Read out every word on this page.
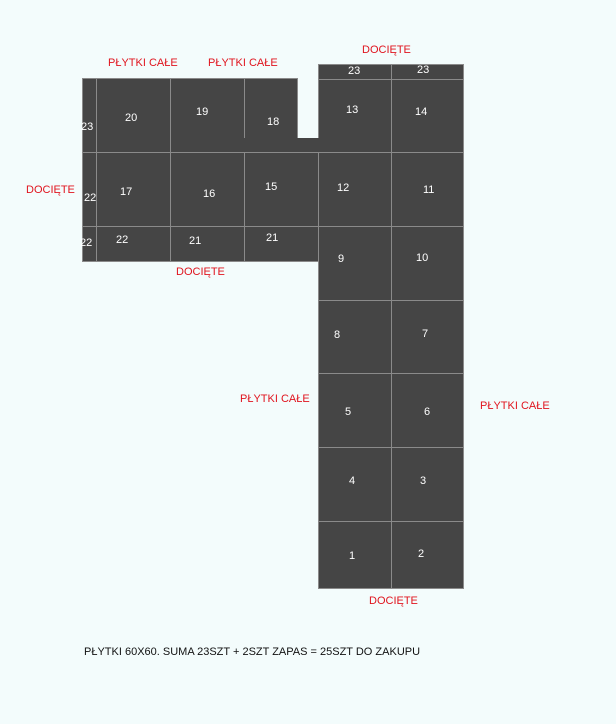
23	23
13	14
12	11
9	10
8	7
5	6
4	3
1	2
23
20	19
18
22 17	16
15
22 22	21	21
PŁYTKI CAŁE	PŁYTKI CAŁE
DOCIĘTE
DOCIĘTE
DOCIĘTE
PŁYTKI CAŁE
PŁYTKI CAŁE
DOCIĘTE
PŁYTKI 60X60. SUMA 23SZT + 2SZT ZAPAS = 25SZT DO ZAKUPU
